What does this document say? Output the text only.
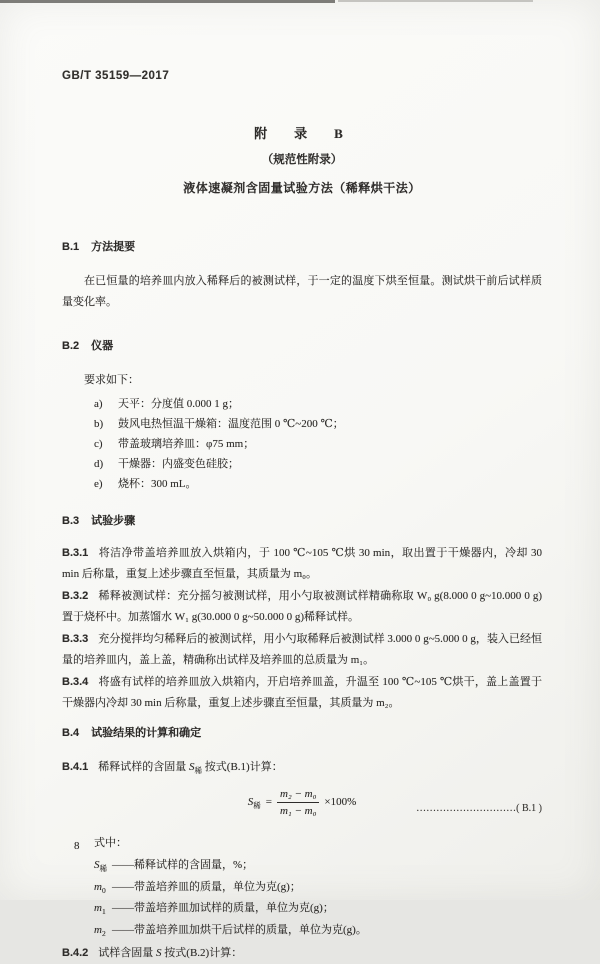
GB/T 35159—2017
附　录　B
（规范性附录）
液体速凝剂含固量试验方法（稀释烘干法）
B.1 方法提要

在已恒量的培养皿内放入稀释后的被测试样，于一定的温度下烘至恒量。测试烘干前后试样质量变化率。

B.2 仪器

要求如下：

a) 天平：分度值 0.000 1 g；
b) 鼓风电热恒温干燥箱：温度范围 0 ℃~200 ℃；
c) 带盖玻璃培养皿：φ75 mm；
d) 干燥器：内盛变色硅胶；
e) 烧杯：300 mL。
B.3 试验步骤

B.3.1 将洁净带盖培养皿放入烘箱内，于 100 ℃~105 ℃烘 30 min，取出置于干燥器内，冷却 30 min 后称量，重复上述步骤直至恒量，其质量为 m₀。

B.3.2 稀释被测试样：充分摇匀被测试样，用小勺取被测试样精确称取 W₀ g(8.000 0 g~10.000 0 g)置于烧杯中。加蒸馏水 W₁ g(30.000 0 g~50.000 0 g)稀释试样。

B.3.3 充分搅拌均匀稀释后的被测试样，用小勺取稀释后被测试样 3.000 0 g~5.000 0 g，装入已经恒量的培养皿内，盖上盖，精确称出试样及培养皿的总质量为 m₁。

B.3.4 将盛有试样的培养皿放入烘箱内，开启培养皿盖，升温至 100 ℃~105 ℃烘干，盖上盖置于干燥器内冷却 30 min 后称量，重复上述步骤直至恒量，其质量为 m₂。

B.4 试验结果的计算和确定

B.4.1 稀释试样的含固量 $S_稀$ 按式(B.1)计算：

$S_稀 = \frac{\text{m₂ − m₀}}{\text{m₁ − m₀}} \times 100\%$
…………………………( B.1 )

式中：

$S_稀$ ——稀释试样的含固量，%；
$m_0$ ——带盖培养皿的质量，单位为克(g)；
$m_1$ ——带盖培养皿加试样的质量，单位为克(g)；
$m_2$ ——带盖培养皿加烘干后试样的质量，单位为克(g)。

B.4.2 试样含固量 S 按式(B.2)计算：

8
